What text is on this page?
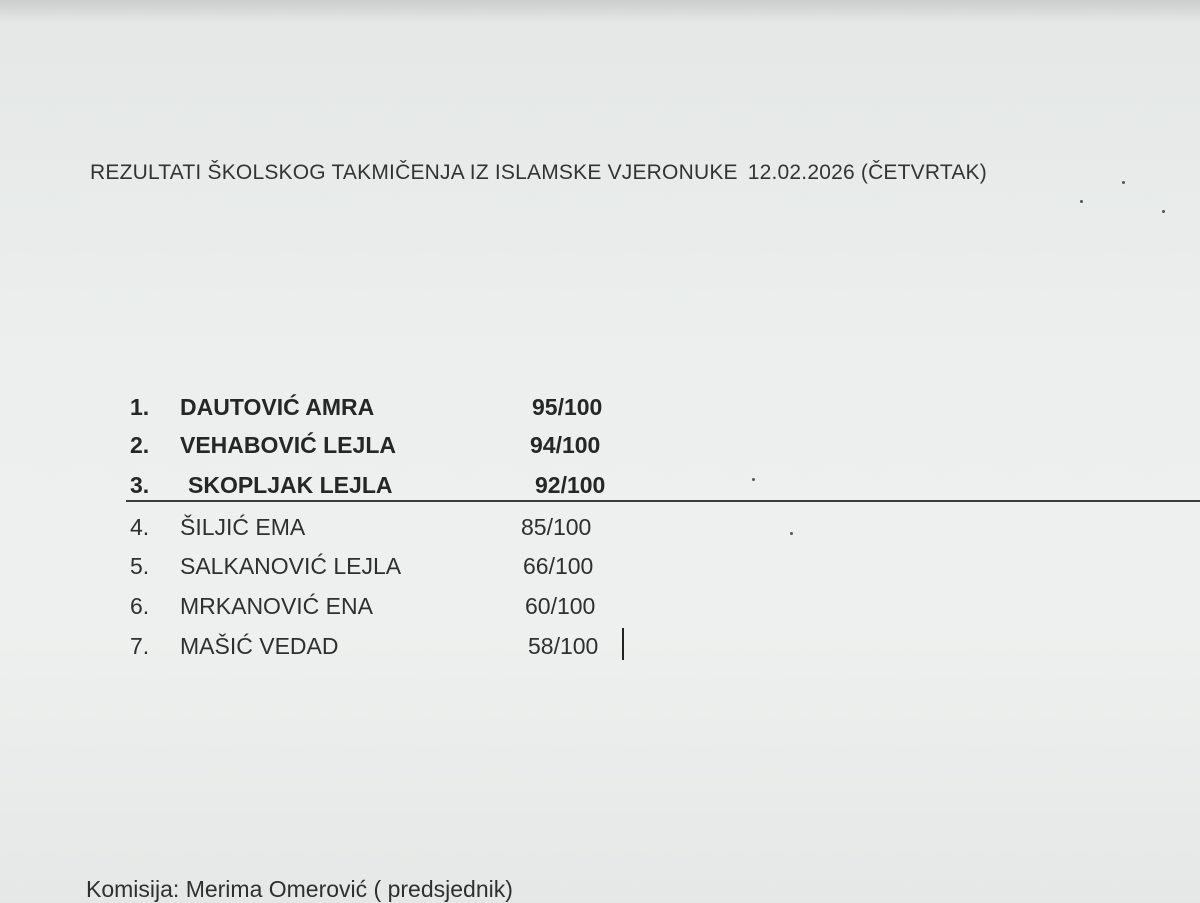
REZULTATI ŠKOLSKOG TAKMIČENJA IZ ISLAMSKE VJERONUKE 12.02.2026 (ČETVRTAK)
1.	DAUTOVIĆ AMRA	95/100
2.	VEHABOVIĆ LEJLA	94/100
3.	SKOPLJAK LEJLA	92/100
4.	ŠILJIĆ EMA	85/100
5.	SALKANOVIĆ LEJLA	66/100
6.	MRKANOVIĆ ENA	60/100
7.	MAŠIĆ VEDAD	58/100
Komisija: Merima Omerović ( predsjednik)
